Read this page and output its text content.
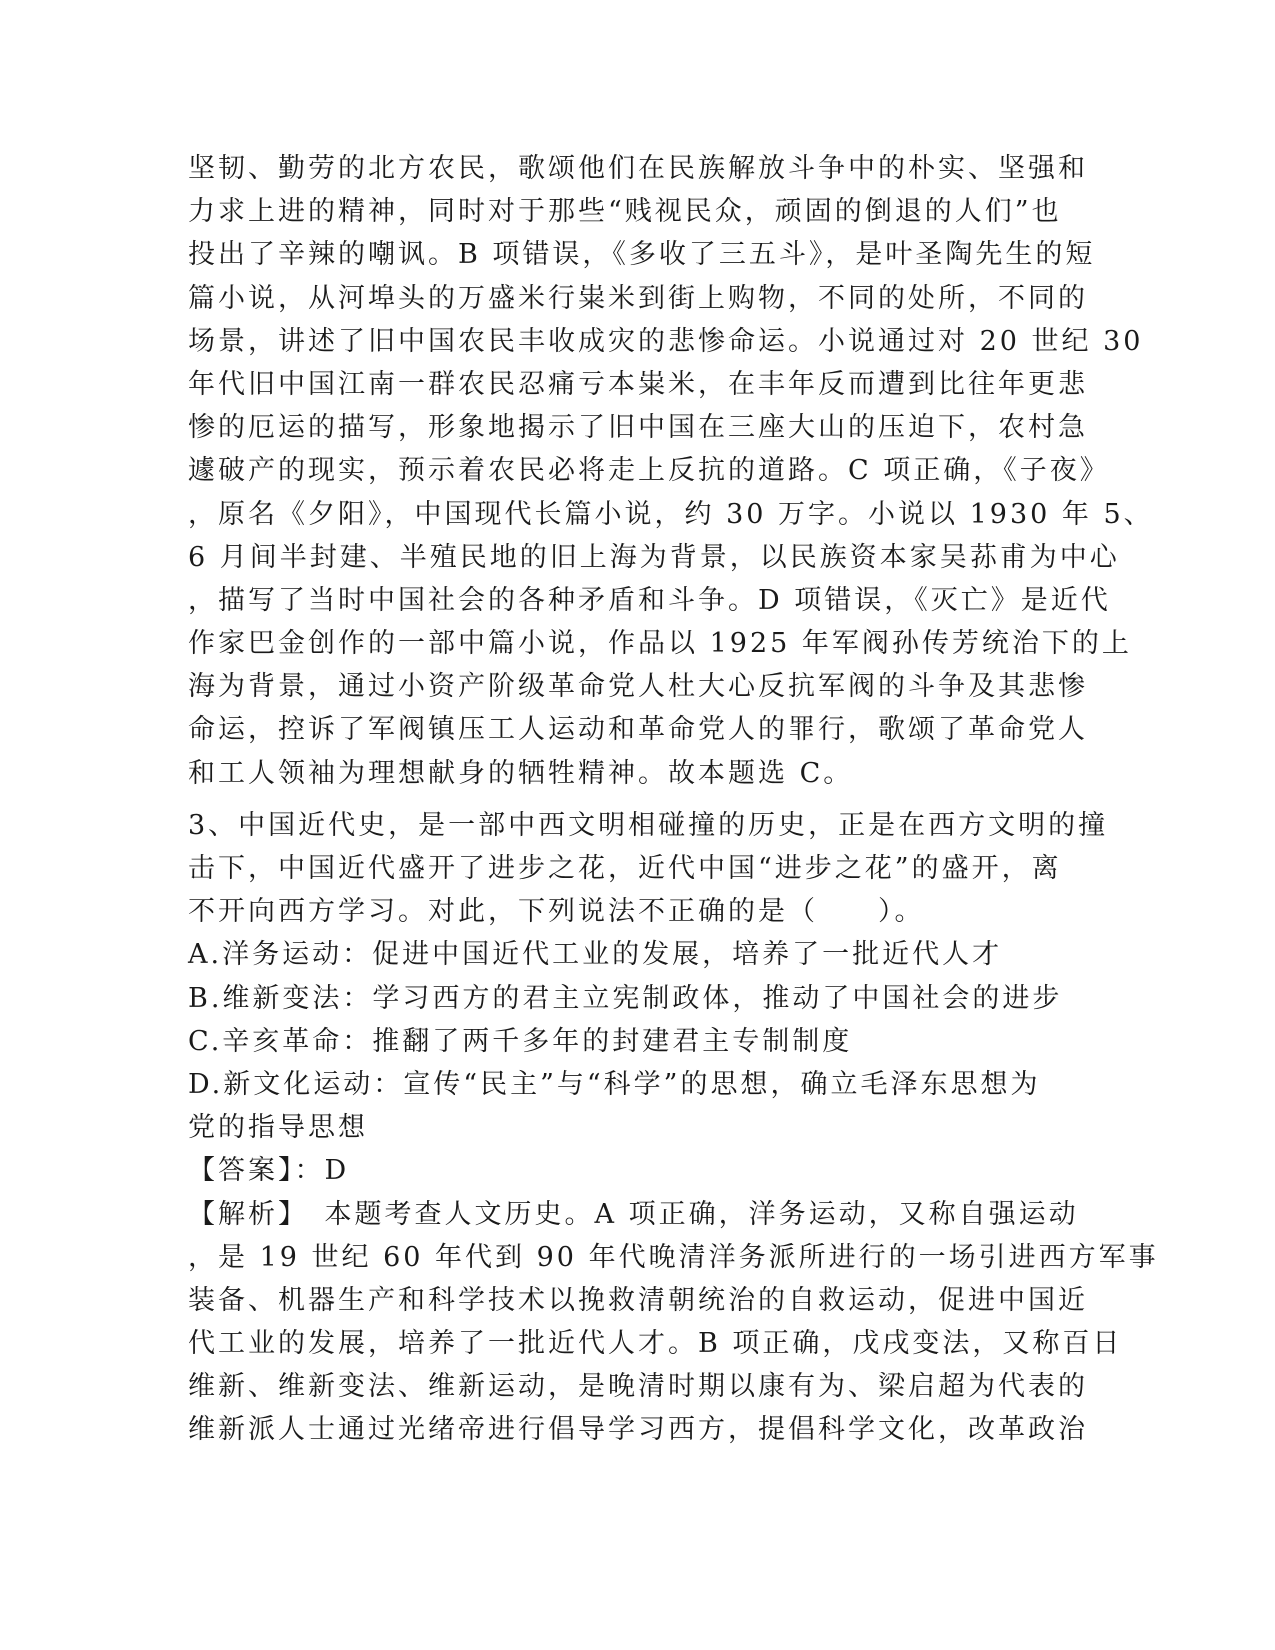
坚韧、勤劳的北方农民，歌颂他们在民族解放斗争中的朴实、坚强和
力求上进的精神，同时对于那些“贱视民众，顽固的倒退的人们”也
投出了辛辣的嘲讽。B 项错误，《多收了三五斗》，是叶圣陶先生的短
篇小说，从河埠头的万盛米行粜米到街上购物，不同的处所，不同的
场景，讲述了旧中国农民丰收成灾的悲惨命运。小说通过对 20 世纪 30
年代旧中国江南一群农民忍痛亏本粜米，在丰年反而遭到比往年更悲
惨的厄运的描写，形象地揭示了旧中国在三座大山的压迫下，农村急
遽破产的现实，预示着农民必将走上反抗的道路。C 项正确，《子夜》
，原名《夕阳》，中国现代长篇小说，约 30 万字。小说以 1930 年 5、
6 月间半封建、半殖民地的旧上海为背景，以民族资本家吴荪甫为中心
，描写了当时中国社会的各种矛盾和斗争。D 项错误，《灭亡》是近代
作家巴金创作的一部中篇小说，作品以 1925 年军阀孙传芳统治下的上
海为背景，通过小资产阶级革命党人杜大心反抗军阀的斗争及其悲惨
命运，控诉了军阀镇压工人运动和革命党人的罪行，歌颂了革命党人
和工人领袖为理想献身的牺牲精神。故本题选 C。
3、中国近代史，是一部中西文明相碰撞的历史，正是在西方文明的撞
击下，中国近代盛开了进步之花，近代中国“进步之花”的盛开，离
不开向西方学习。对此，下列说法不正确的是（　　）。
A.洋务运动：促进中国近代工业的发展，培养了一批近代人才
B.维新变法：学习西方的君主立宪制政体，推动了中国社会的进步
C.辛亥革命：推翻了两千多年的封建君主专制制度
D.新文化运动：宣传“民主”与“科学”的思想，确立毛泽东思想为
党的指导思想
【答案】：D
【解析】　本题考查人文历史。A 项正确，洋务运动，又称自强运动
，是 19 世纪 60 年代到 90 年代晚清洋务派所进行的一场引进西方军事
装备、机器生产和科学技术以挽救清朝统治的自救运动，促进中国近
代工业的发展，培养了一批近代人才。B 项正确，戊戌变法，又称百日
维新、维新变法、维新运动，是晚清时期以康有为、梁启超为代表的
维新派人士通过光绪帝进行倡导学习西方，提倡科学文化，改革政治
